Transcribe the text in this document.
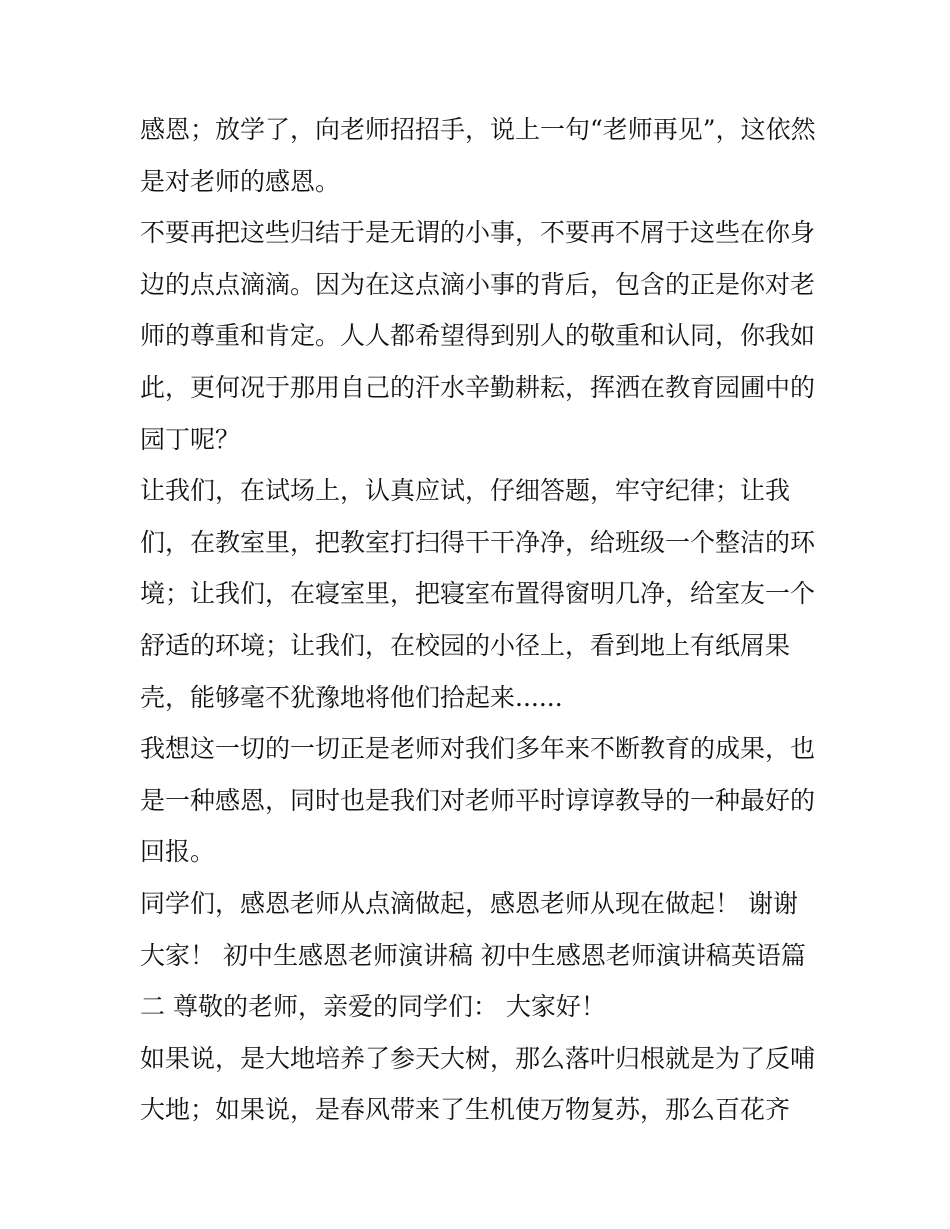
感恩；放学了，向老师招招手，说上一句“老师再见”，这依然

是对老师的感恩。

不要再把这些归结于是无谓的小事，不要再不屑于这些在你身

边的点点滴滴。因为在这点滴小事的背后，包含的正是你对老

师的尊重和肯定。人人都希望得到别人的敬重和认同，你我如

此，更何况于那用自己的汗水辛勤耕耘，挥洒在教育园圃中的

园丁呢？

让我们，在试场上，认真应试，仔细答题，牢守纪律；让我

们，在教室里，把教室打扫得干干净净，给班级一个整洁的环

境；让我们，在寝室里，把寝室布置得窗明几净，给室友一个

舒适的环境；让我们，在校园的小径上，看到地上有纸屑果

壳，能够毫不犹豫地将他们拾起来......

我想这一切的一切正是老师对我们多年来不断教育的成果，也

是一种感恩，同时也是我们对老师平时谆谆教导的一种最好的

回报。

同学们，感恩老师从点滴做起，感恩老师从现在做起！ 谢谢

大家！ 初中生感恩老师演讲稿 初中生感恩老师演讲稿英语篇

二 尊敬的老师，亲爱的同学们： 大家好！

如果说，是大地培养了参天大树，那么落叶归根就是为了反哺

大地；如果说，是春风带来了生机使万物复苏，那么百花齐
